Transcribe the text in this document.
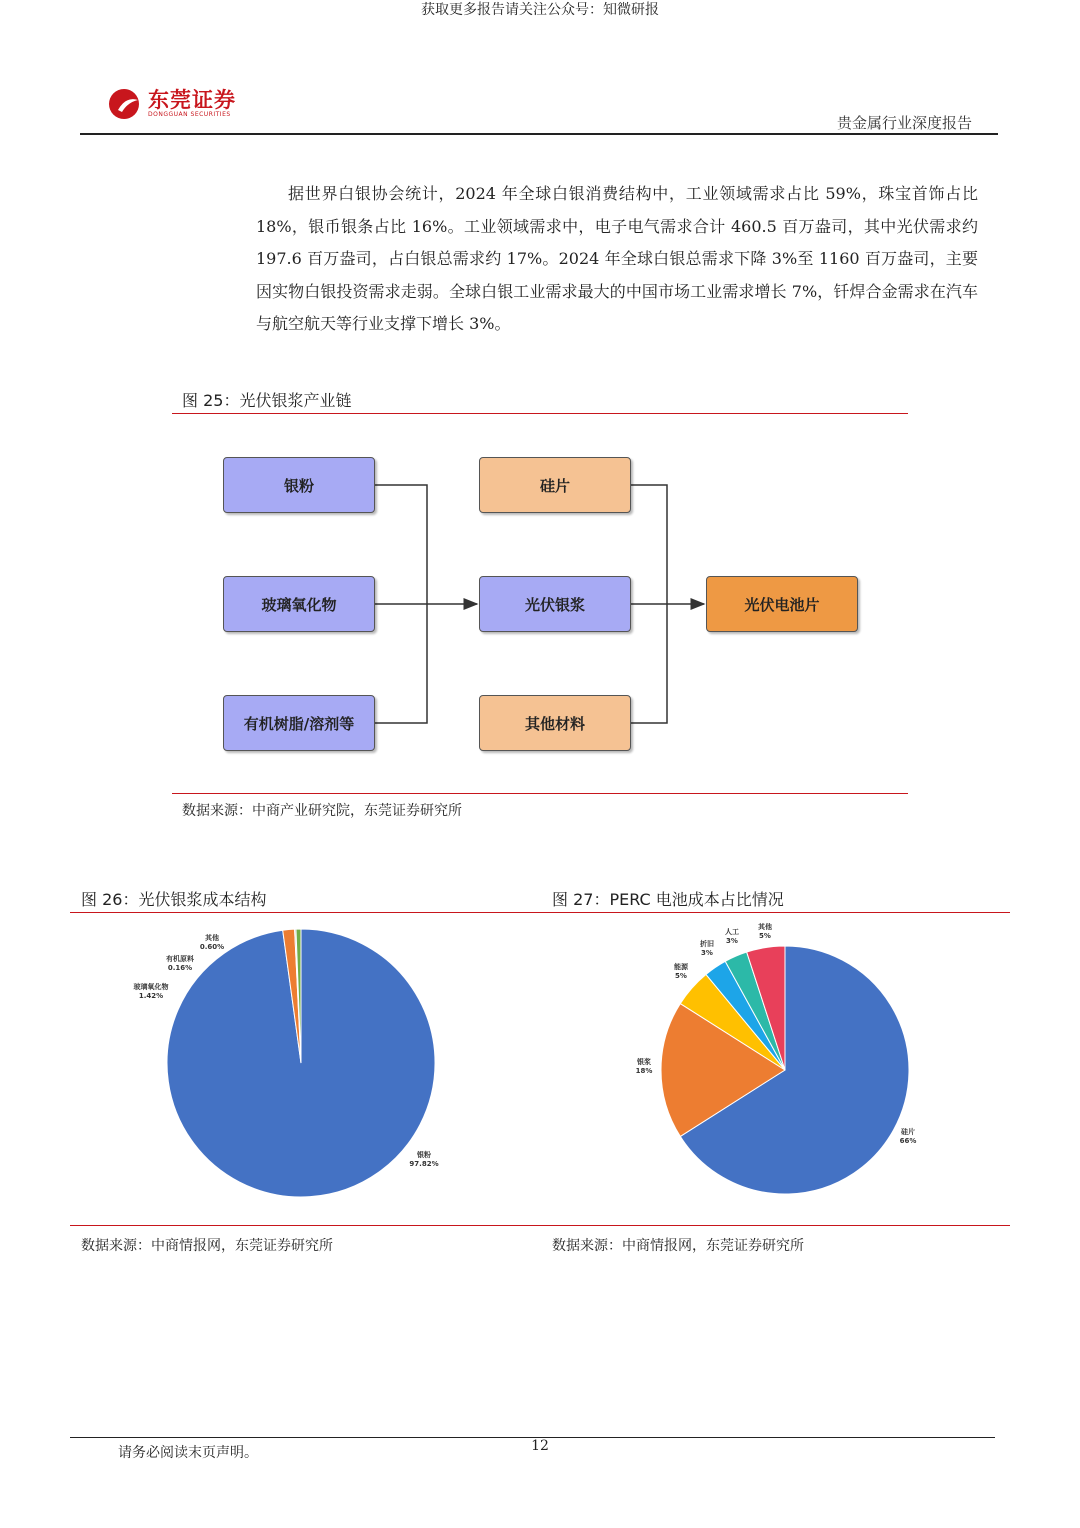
获取更多报告请关注公众号：知微研报
东莞证券
DONGGUAN SECURITIES	贵金属行业深度报告
据世界白银协会统计，2024 年全球白银消费结构中，工业领域需求占比 59%，珠宝首饰占比 18%，银币银条占比 16%。工业领域需求中，电子电气需求合计 460.5 百万盎司，其中光伏需求约 197.6 百万盎司，占白银总需求约 17%。2024 年全球白银总需求下降 3%至 1160 百万盎司，主要因实物白银投资需求走弱。全球白银工业需求最大的中国市场工业需求增长 7%，钎焊合金需求在汽车与航空航天等行业支撑下增长 3%。
图 25：光伏银浆产业链
银粉
玻璃氧化物
有机树脂/溶剂等
硅片
光伏银浆
其他材料
光伏电池片
数据来源：中商产业研究院，东莞证券研究所
图 26：光伏银浆成本结构	图 27：PERC 电池成本占比情况
银粉
97.82%
玻璃氧化物
1.42%
有机原料
0.16%
其他
0.60%
硅片
66%
银浆
18%
能源
5%
折旧
3%
人工
3%
其他
5%
数据来源：中商情报网，东莞证券研究所	数据来源：中商情报网，东莞证券研究所
12
请务必阅读末页声明。
